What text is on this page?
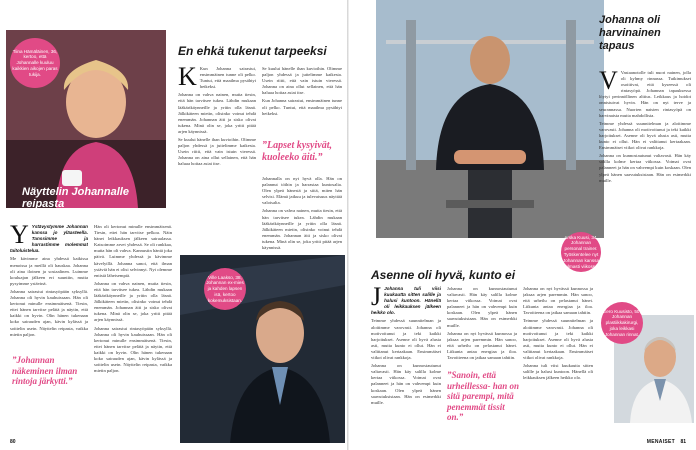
Tiina Hämäläinen, 36, kertoo, että Johannalle kuuluu kaikkien aikojen paras tukija.
Näyttelin Johannalle reipasta
Y Ystävystymme Johannan kanssa jo yläasteella. Tanssimme ja harrastimme molemmat taitoluistelua.

Me kävimme aina yhdessä kaikissa menoissa ja meillä oli hauskaa. Johanna oli aina iloinen ja sosiaalinen. Luimme kouluajan jälkeen eri suuntiin, mutta pysyimme ystävinä.

Johanna sairastui rintasyöpään syksyllä. Johanna oli hyvin kauhuissaan. Hän oli kertonut minulle ensimmäisenä. Tiesin, ettei hänen tarvitse pelätä ja näytin, että kaikki on hyvin. Olin hänen tukenaan koko sairauden ajan, kävin kylässä ja soittelin usein. Näyttelin reipasta, vaikka mietin paljon.

”Johannan näkeminen ilman rintoja järkytti.”

Hän oli kertonut minulle ensimmäisenä. Tiesin, ettei hän tarvitse pelkoa. Näin hänet leikkauksen jälkeen sairaalassa. Katsoimme arvet yhdessä. Se oli rankkaa, mutta hän oli vahva. Kannustin häntä joka päivä. Luimme yhdessä ja kävimme kävelyillä. Johanna sanoi, että ilman ystäviä hän ei olisi selvinnyt. Nyt olemme entistä läheisempiä.

Johanna on vahva nainen, mutta tiesin, että hän tarvitsee tukea. Lähdin mukaan lääkärikäynneille ja yritin olla läsnä. Jälkikäteen mietin, olisinko voinut tehdä enemmän. Johannan äiti ja sisko olivat tukena. Minä olin se, joka yritti pitää arjen käynnissä.

Johanna sairastui rintasyöpään syksyllä. Johanna oli hyvin kauhuissaan. Hän oli kertonut minulle ensimmäisenä. Tiesin, ettei hänen tarvitse pelätä ja näytin, että kaikki on hyvin. Olin hänen tukenaan koko sairauden ajan, kävin kylässä ja soittelin usein. Näyttelin reipasta, vaikka mietin paljon.

En ehkä tukenut tarpeeksi
K Kun Johanna sairastui, ensimmäinen tunne oli pelko. Tuntui, että maailma pysähtyi hetkeksi.

Johanna on vahva nainen, mutta tiesin, että hän tarvitsee tukea. Lähdin mukaan lääkärikäynneille ja yritin olla läsnä. Jälkikäteen mietin, olisinko voinut tehdä enemmän. Johannan äiti ja sisko olivat tukena. Minä olin se, joka yritti pitää arjen käynnissä.

Se kuului hänelle ihan kuvioihin. Olimme paljon yhdessä ja juttelimme kaikesta. Usein riitti, että vain istuin vieressä. Johanna on aina ollut sellainen, että hän haluaa hoitaa asiat itse.

Se kuului hänelle ihan kuvioihin. Olimme paljon yhdessä ja juttelimme kaikesta. Usein riitti, että vain istuin vieressä. Johanna on aina ollut sellainen, että hän haluaa hoitaa asiat itse.

Kun Johanna sairastui, ensimmäinen tunne oli pelko. Tuntui, että maailma pysähtyi hetkeksi.

”Lapset kysyivät, kuoleeko äiti.”

Johannalla on nyt hyvä olla. Hän on palannut töihin ja harrastaa kuntosalia. Olen ylpeä hänestä ja siitä, miten hän selvisi. Elämä jatkuu ja tulevaisuus näyttää valoisalta.

Johanna on vahva nainen, mutta tiesin, että hän tarvitsee tukea. Lähdin mukaan lääkärikäynneille ja yritin olla läsnä. Jälkikäteen mietin, olisinko voinut tehdä enemmän. Johannan äiti ja sisko olivat tukena. Minä olin se, joka yritti pitää arjen käynnissä.

Ville Laakso, 38, Johannan ex-mies ja kahden lapsen isä, kertoo kokemuksistaan.
80
Arska Kuusi, 34, Johannan personal trainer. Työskentelee nyt Johannan kanssa kolmasti viikossa.
Asenne oli hyvä, kunto ei
J Johanna tuli viisi kuukautta sitten salille ja halusi kuntoon. Hänellä oli leikkauksen jälkeen heikko olo.

Teimme yhdessä suunnitelman ja aloitimme varovasti. Johanna oli motivoitunut ja teki kaikki harjoitukset. Asenne oli hyvä alusta asti, mutta kunto ei ollut. Hän ei valittanut kertaakaan. Ensimmäiset viikot olivat rankkoja.

Johanna on kunnostautunut valtavasti. Hän käy salilla kolme kertaa viikossa. Voimat ovat palanneet ja hän on vahvempi kuin koskaan. Olen ylpeä hänen saavutuksistaan. Hän on esimerkki muille.

Johanna on kunnostautunut valtavasti. Hän käy salilla kolme kertaa viikossa. Voimat ovat palanneet ja hän on vahvempi kuin koskaan. Olen ylpeä hänen saavutuksistaan. Hän on esimerkki muille.

Johanna on nyt hyvässä kunnossa ja jaksaa arjen paremmin. Hän sanoo, että urheilu on pelastanut hänet. Liikunta antaa energiaa ja iloa. Tavoitteena on jatkaa samaan tahtiin.

Johanna on nyt hyvässä kunnossa ja jaksaa arjen paremmin. Hän sanoo, että urheilu on pelastanut hänet. Liikunta antaa energiaa ja iloa. Tavoitteena on jatkaa samaan tahtiin.

Teimme yhdessä suunnitelman ja aloitimme varovasti. Johanna oli motivoitunut ja teki kaikki harjoitukset. Asenne oli hyvä alusta asti, mutta kunto ei ollut. Hän ei valittanut kertaakaan. Ensimmäiset viikot olivat rankkoja.

Johanna tuli viisi kuukautta sitten salille ja halusi kuntoon. Hänellä oli leikkauksen jälkeen heikko olo.

”Sanoin, että urheillessa- han on sitä parempi, mitä penemmät tissit on.”
Johanna oli harvinainen tapaus
V Vastaanotolle tuli nuori nainen, jolla oli kyhmy rinnassa. Tutkimukset osoittivat, että kyseessä oli rintasyöpä. Johannan tapauksessa löytyi perinnöllinen alttius. Leikkaus ja hoidot onnistuivat hyvin. Hän on nyt terve ja seurannassa. Nuorten naisten rintasyöpä on harvinaista mutta mahdollista.

Teimme yhdessä suunnitelman ja aloitimme varovasti. Johanna oli motivoitunut ja teki kaikki harjoitukset. Asenne oli hyvä alusta asti, mutta kunto ei ollut. Hän ei valittanut kertaakaan. Ensimmäiset viikot olivat rankkoja.

Johanna on kunnostautunut valtavasti. Hän käy salilla kolme kertaa viikossa. Voimat ovat palanneet ja hän on vahvempi kuin koskaan. Olen ylpeä hänen saavutuksistaan. Hän on esimerkki muille.

Eero Kuusisto, 50, Johannan plastiikkakirurgi, joka leikkasi Johannan rinnat.
MENAISET 81
